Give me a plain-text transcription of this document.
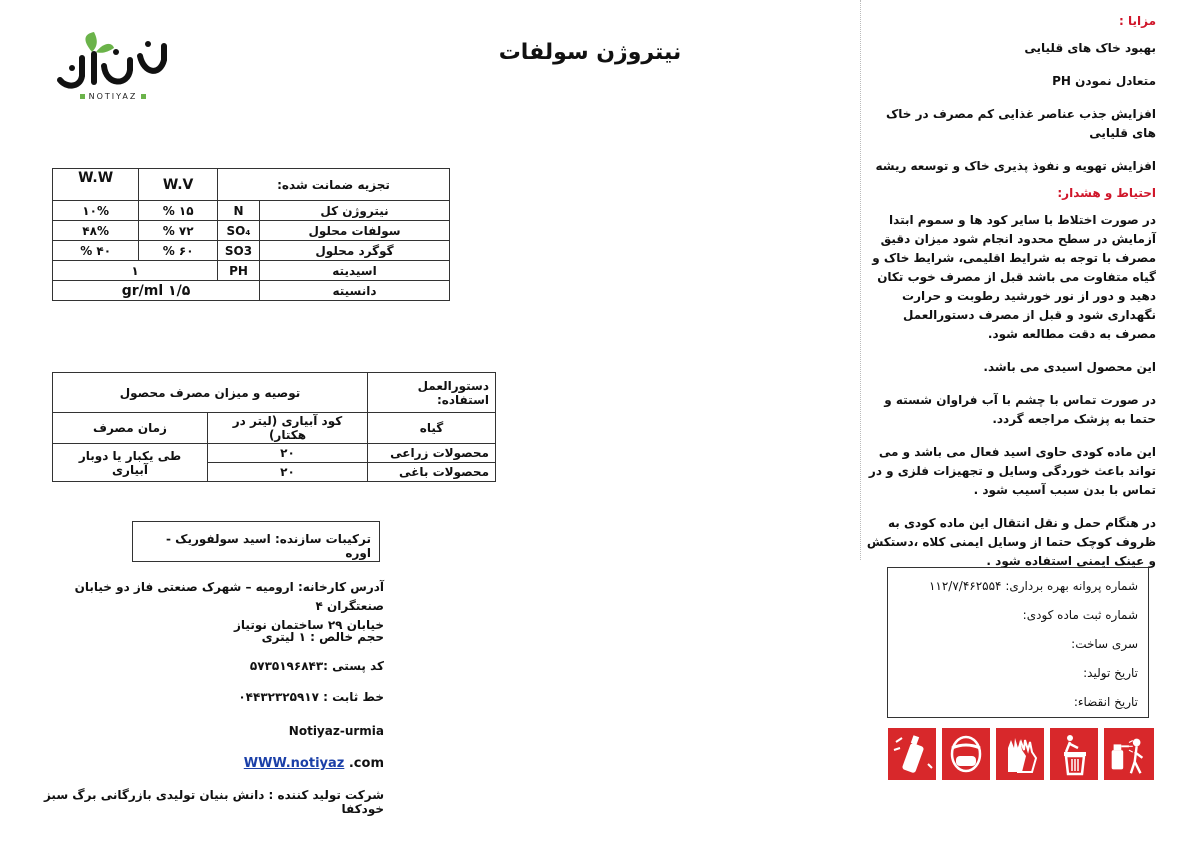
NOTIYAZ
نیتروژن سولفات
تجزیه ضمانت شده:		W.V	W.W
نیتروژن کل	N	۱۵ %	۱۰%
سولفات محلول	SO₄	۷۲ %	۴۸%
گوگرد محلول	SO3	۶۰ %	۴۰ %
اسیدیته	PH	۱	
دانسیته	۱/۵ gr/ml		
دستورالعمل استفاده:	توصیه و میزان مصرف محصول	
گیاه	کود آبیاری (لیتر در هکتار)	زمان مصرف
محصولات زراعی	۲۰	طی یکبار یا دوبار آبیاری
محصولات باغی	۲۰	
ترکیبات سازنده: اسید سولفوریک - اوره
آدرس کارخانه: ارومیه – شهرک صنعتی فاز دو خیابان صنعتگران ۴
خیابان ۲۹ ساختمان نوتیاز
حجم خالص : ۱ لیتری
کد پستی :۵۷۳۵۱۹۶۸۴۳
خط ثابت : ۰۴۴۳۲۳۲۵۹۱۷
Notiyaz-urmia
WWW.notiyaz .com
شرکت تولید کننده : دانش بنیان تولیدی بازرگانی برگ سبز خودکفا

مزایا :

بهبود خاک های قلیایی

متعادل نمودن PH

افزایش جذب عناصر غذایی کم مصرف در خاک های قلیایی

افزایش تهویه و نفوذ پذیری خاک و توسعه ریشه

احتیاط و هشدار:

در صورت اختلاط با سایر کود ها و سموم ابتدا آزمایش در سطح محدود انجام شود میزان دقیق مصرف با توجه به شرایط اقلیمی، شرایط خاک و گیاه متفاوت می باشد قبل از مصرف خوب تکان دهید و دور از نور خورشید رطوبت و حرارت نگهداری شود و قبل از مصرف دستورالعمل مصرف به دقت مطالعه شود.

این محصول اسیدی می باشد.

در صورت تماس با چشم با آب فراوان شسته و حتما به پزشک مراجعه گردد.

این ماده کودی حاوی اسید فعال می باشد و می تواند باعث خوردگی وسایل و تجهیزات فلزی و در تماس با بدن سبب آسیب شود .

در هنگام حمل و نقل انتقال این ماده کودی به ظروف کوچک حتما از وسایل ایمنی کلاه ،دستکش و عینک ایمنی استفاده شود .

شماره پروانه بهره برداری: ۱۱۲/۷/۴۶۲۵۵۴
شماره ثبت ماده کودی:
سری ساخت:
تاریخ تولید:
تاریخ انقضاء:
